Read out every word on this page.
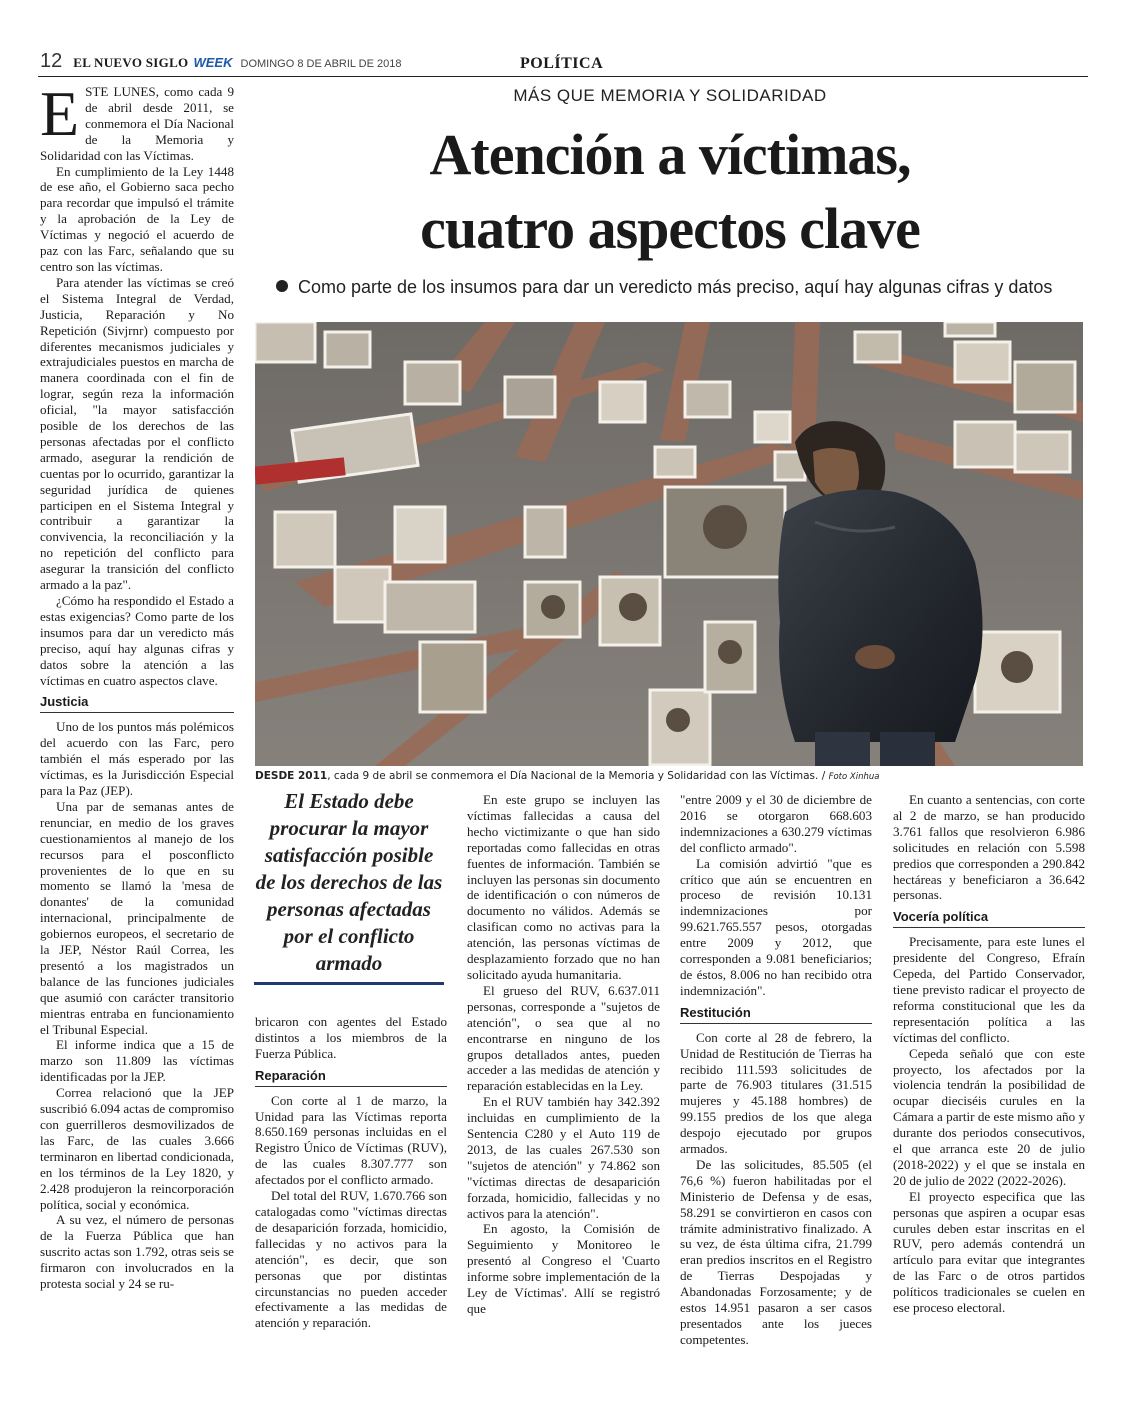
12 EL NUEVO SIGLO WEEK DOMINGO 8 DE ABRIL DE 2018	POLÍTICA

ESTE LUNES, como cada 9 de abril desde 2011, se conmemora el Día Nacional de la Memoria y Solidaridad con las Víctimas.

En cumplimiento de la Ley 1448 de ese año, el Gobierno saca pecho para recordar que impulsó el trámite y la aprobación de la Ley de Víctimas y negoció el acuerdo de paz con las Farc, señalando que su centro son las víctimas.

Para atender las víctimas se creó el Sistema Integral de Verdad, Justicia, Reparación y No Repetición (Sivjrnr) compuesto por diferentes mecanismos judiciales y extrajudiciales puestos en marcha de manera coordinada con el fin de lograr, según reza la información oficial, "la mayor satisfacción posible de los derechos de las personas afectadas por el conflicto armado, asegurar la rendición de cuentas por lo ocurrido, garantizar la seguridad jurídica de quienes participen en el Sistema Integral y contribuir a garantizar la convivencia, la reconciliación y la no repetición del conflicto para asegurar la transición del conflicto armado a la paz".

¿Cómo ha respondido el Estado a estas exigencias? Como parte de los insumos para dar un veredicto más preciso, aquí hay algunas cifras y datos sobre la atención a las víctimas en cuatro aspectos clave.

Justicia

Uno de los puntos más polémicos del acuerdo con las Farc, pero también el más esperado por las víctimas, es la Jurisdicción Especial para la Paz (JEP).

Una par de semanas antes de renunciar, en medio de los graves cuestionamientos al manejo de los recursos para el posconflicto provenientes de lo que en su momento se llamó la 'mesa de donantes' de la comunidad internacional, principalmente de gobiernos europeos, el secretario de la JEP, Néstor Raúl Correa, les presentó a los magistrados un balance de las funciones judiciales que asumió con carácter transitorio mientras entraba en funcionamiento el Tribunal Especial.

El informe indica que a 15 de marzo son 11.809 las víctimas identificadas por la JEP.

Correa relacionó que la JEP suscribió 6.094 actas de compromiso con guerrilleros desmovilizados de las Farc, de las cuales 3.666 terminaron en libertad condicionada, en los términos de la Ley 1820, y 2.428 produjeron la reincorporación política, social y económica.

A su vez, el número de personas de la Fuerza Pública que han suscrito actas son 1.792, otras seis se firmaron con involucrados en la protesta social y 24 se ru-

MÁS QUE MEMORIA Y SOLIDARIDAD
Atención a víctimas,
cuatro aspectos clave
Como parte de los insumos para dar un veredicto más preciso, aquí hay algunas cifras y datos
DESDE 2011, cada 9 de abril se conmemora el Día Nacional de la Memoria y Solidaridad con las Víctimas. / Foto Xinhua
El Estado debe procurar la mayor satisfacción posible de los derechos de las personas afectadas por el conflicto armado

bricaron con agentes del Estado distintos a los miembros de la Fuerza Pública.

Reparación

Con corte al 1 de marzo, la Unidad para las Víctimas reporta 8.650.169 personas incluidas en el Registro Único de Víctimas (RUV), de las cuales 8.307.777 son afectados por el conflicto armado.

Del total del RUV, 1.670.766 son catalogadas como "víctimas directas de desaparición forzada, homicidio, fallecidas y no activos para la atención", es decir, que son personas que por distintas circunstancias no pueden acceder efectivamente a las medidas de atención y reparación.

En este grupo se incluyen las víctimas fallecidas a causa del hecho victimizante o que han sido reportadas como fallecidas en otras fuentes de información. También se incluyen las personas sin documento de identificación o con números de documento no válidos. Además se clasifican como no activas para la atención, las personas víctimas de desplazamiento forzado que no han solicitado ayuda humanitaria.

El grueso del RUV, 6.637.011 personas, corresponde a "sujetos de atención", o sea que al no encontrarse en ninguno de los grupos detallados antes, pueden acceder a las medidas de atención y reparación establecidas en la Ley.

En el RUV también hay 342.392 incluidas en cumplimiento de la Sentencia C280 y el Auto 119 de 2013, de las cuales 267.530 son "sujetos de atención" y 74.862 son "víctimas directas de desaparición forzada, homicidio, fallecidas y no activos para la atención".

En agosto, la Comisión de Seguimiento y Monitoreo le presentó al Congreso el 'Cuarto informe sobre implementación de la Ley de Víctimas'. Allí se registró que

"entre 2009 y el 30 de diciembre de 2016 se otorgaron 668.603 indemnizaciones a 630.279 víctimas del conflicto armado".

La comisión advirtió "que es crítico que aún se encuentren en proceso de revisión 10.131 indemnizaciones por 99.621.765.557 pesos, otorgadas entre 2009 y 2012, que corresponden a 9.081 beneficiarios; de éstos, 8.006 no han recibido otra indemnización".

Restitución

Con corte al 28 de febrero, la Unidad de Restitución de Tierras ha recibido 111.593 solicitudes de parte de 76.903 titulares (31.515 mujeres y 45.188 hombres) de 99.155 predios de los que alega despojo ejecutado por grupos armados.

De las solicitudes, 85.505 (el 76,6 %) fueron habilitadas por el Ministerio de Defensa y de esas, 58.291 se convirtieron en casos con trámite administrativo finalizado. A su vez, de ésta última cifra, 21.799 eran predios inscritos en el Registro de Tierras Despojadas y Abandonadas Forzosamente; y de estos 14.951 pasaron a ser casos presentados ante los jueces competentes.

En cuanto a sentencias, con corte al 2 de marzo, se han producido 3.761 fallos que resolvieron 6.986 solicitudes en relación con 5.598 predios que corresponden a 290.842 hectáreas y beneficiaron a 36.642 personas.

Vocería política

Precisamente, para este lunes el presidente del Congreso, Efraín Cepeda, del Partido Conservador, tiene previsto radicar el proyecto de reforma constitucional que les da representación política a las víctimas del conflicto.

Cepeda señaló que con este proyecto, los afectados por la violencia tendrán la posibilidad de ocupar dieciséis curules en la Cámara a partir de este mismo año y durante dos periodos consecutivos, el que arranca este 20 de julio (2018-2022) y el que se instala en 20 de julio de 2022 (2022-2026).

El proyecto especifica que las personas que aspiren a ocupar esas curules deben estar inscritas en el RUV, pero además contendrá un artículo para evitar que integrantes de las Farc o de otros partidos políticos tradicionales se cuelen en ese proceso electoral.
